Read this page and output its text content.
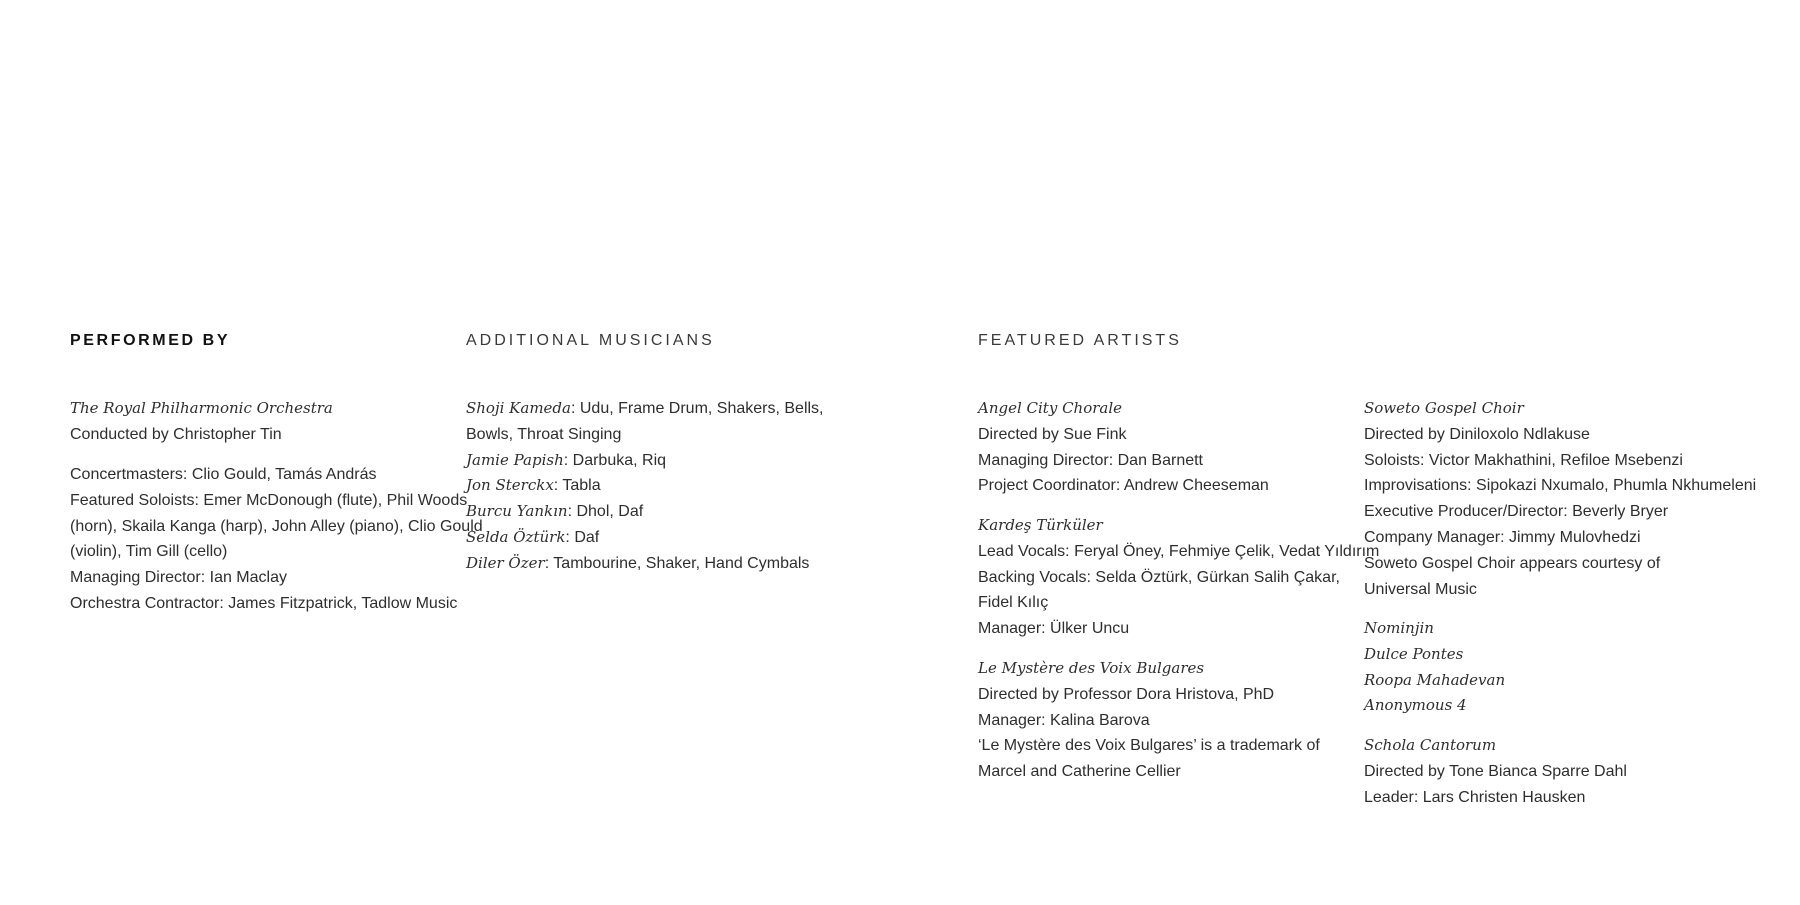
PERFORMED BY
The Royal Philharmonic Orchestra
Conducted by Christopher Tin
Concertmasters: Clio Gould, Tamás András
Featured Soloists: Emer McDonough (flute), Phil Woods
(horn), Skaila Kanga (harp), John Alley (piano), Clio Gould
(violin), Tim Gill (cello)
Managing Director: Ian Maclay
Orchestra Contractor: James Fitzpatrick, Tadlow Music
ADDITIONAL MUSICIANS
Shoji Kameda: Udu, Frame Drum, Shakers, Bells,
Bowls, Throat Singing
Jamie Papish: Darbuka, Riq
Jon Sterckx: Tabla
Burcu Yankın: Dhol, Daf
Selda Öztürk: Daf
Diler Özer: Tambourine, Shaker, Hand Cymbals
FEATURED ARTISTS
Angel City Chorale
Directed by Sue Fink
Managing Director: Dan Barnett
Project Coordinator: Andrew Cheeseman
Kardeş Türküler
Lead Vocals: Feryal Öney, Fehmiye Çelik, Vedat Yıldırım
Backing Vocals: Selda Öztürk, Gürkan Salih Çakar,
Fidel Kılıç
Manager: Ülker Uncu
Le Mystère des Voix Bulgares
Directed by Professor Dora Hristova, PhD
Manager: Kalina Barova
‘Le Mystère des Voix Bulgares’ is a trademark of
Marcel and Catherine Cellier
Soweto Gospel Choir
Directed by Diniloxolo Ndlakuse
Soloists: Victor Makhathini, Refiloe Msebenzi
Improvisations: Sipokazi Nxumalo, Phumla Nkhumeleni
Executive Producer/Director: Beverly Bryer
Company Manager: Jimmy Mulovhedzi
Soweto Gospel Choir appears courtesy of
Universal Music
Nominjin
Dulce Pontes
Roopa Mahadevan
Anonymous 4
Schola Cantorum
Directed by Tone Bianca Sparre Dahl
Leader: Lars Christen Hausken
